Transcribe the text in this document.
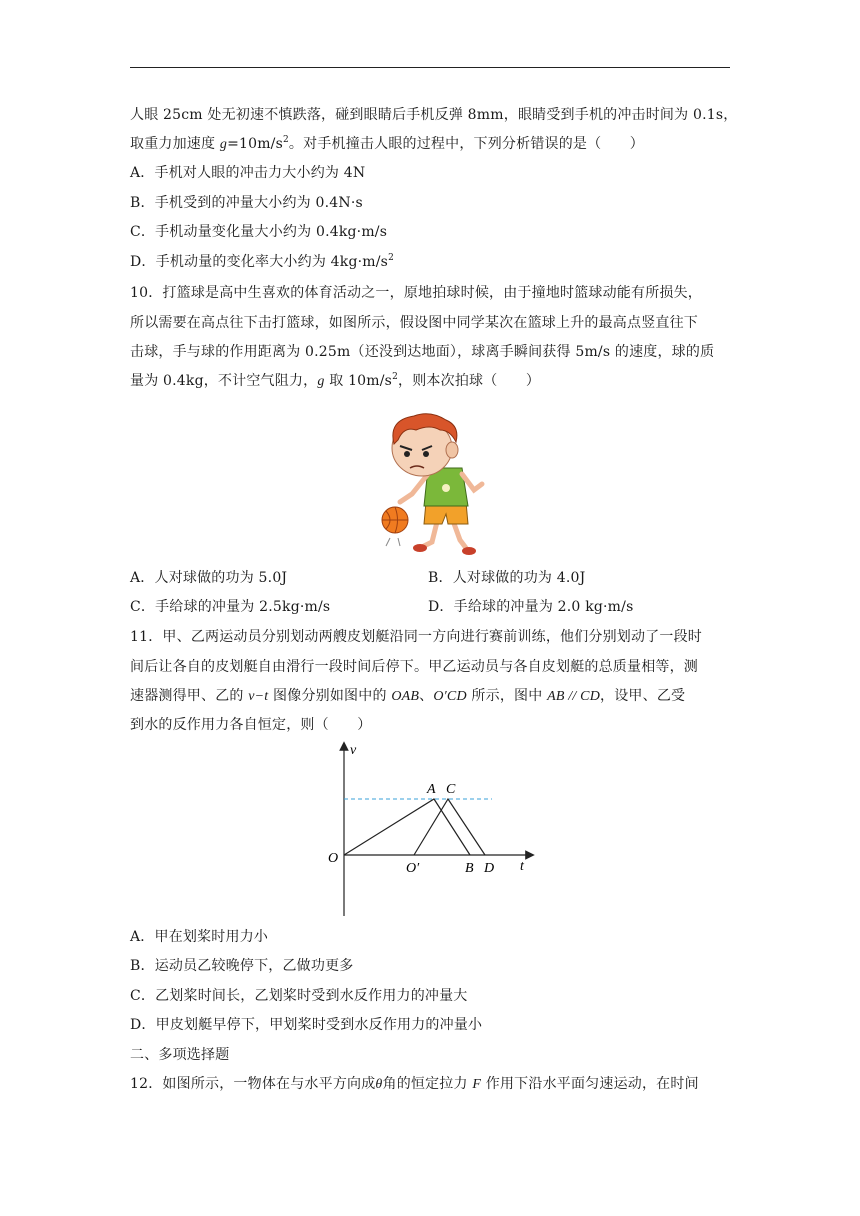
人眼 25cm 处无初速不慎跌落，碰到眼睛后手机反弹 8mm，眼睛受到手机的冲击时间为 0.1s，
取重力加速度 $g=10m/s^2$。对手机撞击人眼的过程中，下列分析错误的是（　　）
A．手机对人眼的冲击力大小约为 4N
B．手机受到的冲量大小约为 0.4N·s
C．手机动量变化量大小约为 0.4kg·m/s
D．手机动量的变化率大小约为 $4kg\cdot m/s^2$
10．打篮球是高中生喜欢的体育活动之一，原地拍球时候，由于撞地时篮球动能有所损失，
所以需要在高点往下击打篮球，如图所示，假设图中同学某次在篮球上升的最高点竖直往下
击球，手与球的作用距离为 0.25m（还没到达地面），球离手瞬间获得 5m/s 的速度，球的质
量为 0.4kg，不计空气阻力，g 取 $10m/s^2$，则本次拍球（　　）
A．人对球做的功为 5.0J	B．人对球做的功为 4.0J
C．手给球的冲量为 2.5kg·m/s	D．手给球的冲量为 2.0 kg·m/s
11．甲、乙两运动员分别划动两艘皮划艇沿同一方向进行赛前训练，他们分别划动了一段时
间后让各自的皮划艇自由滑行一段时间后停下。甲乙运动员与各自皮划艇的总质量相等，测
速器测得甲、乙的 v−t 图像分别如图中的 OAB、O′CD 所示，图中 AB // CD，设甲、乙受
到水的反作用力各自恒定，则（　　）
v
t
O
O′
A C
B D
A．甲在划桨时用力小
B．运动员乙较晚停下，乙做功更多
C．乙划桨时间长，乙划桨时受到水反作用力的冲量大
D．甲皮划艇早停下，甲划桨时受到水反作用力的冲量小
二、多项选择题
12．如图所示，一物体在与水平方向成θ角的恒定拉力 F 作用下沿水平面匀速运动，在时间
